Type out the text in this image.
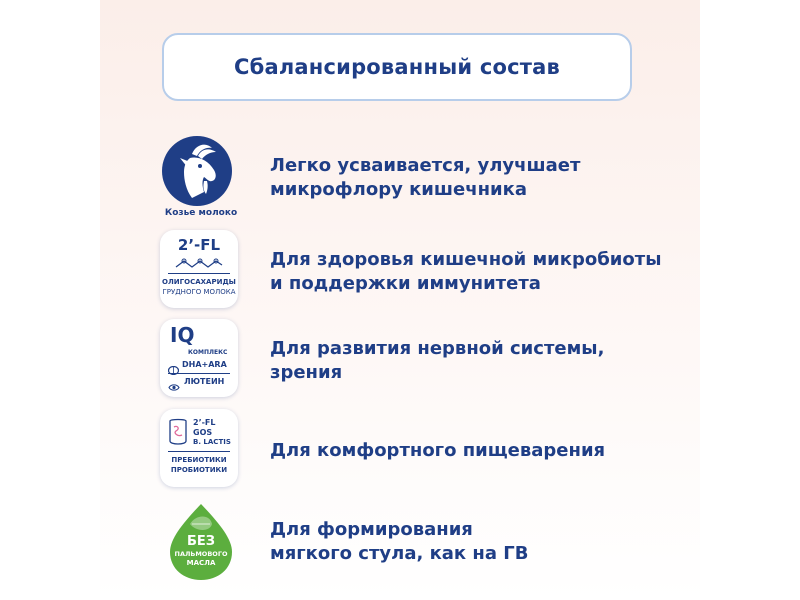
Сбалансированный состав
Козье молоко
Легко усваивается, улучшает
микрофлору кишечника
2’-FL
ОЛИГОСАХАРИДЫ
ГРУДНОГО МОЛОКА
Для здоровья кишечной микробиоты
и поддержки иммунитета
IQ
КОМПЛЕКС
DHA+ARA
ЛЮТЕИН
Для развития нервной системы, зрения
2’-FL
GOS
B. LACTIS
ПРЕБИОТИКИ
ПРОБИОТИКИ
Для комфортного пищеварения
БЕЗ
ПАЛЬМОВОГО
МАСЛА
Для формирования
мягкого стула, как на ГВ
